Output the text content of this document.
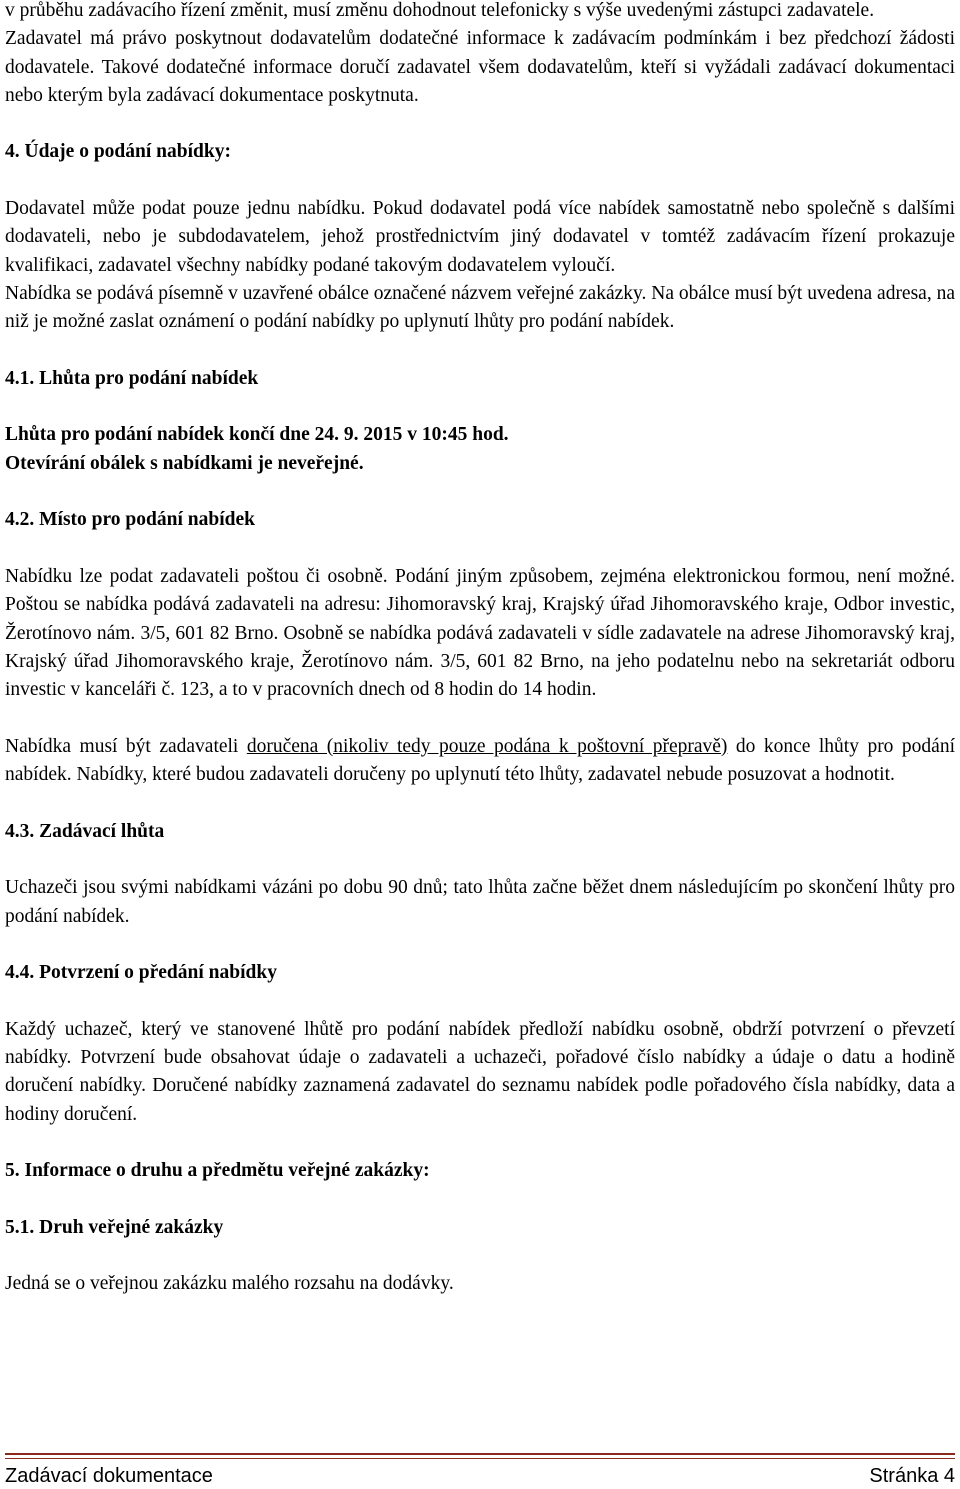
v průběhu zadávacího řízení změnit, musí změnu dohodnout telefonicky s výše uvedenými zástupci zadavatele.

Zadavatel má právo poskytnout dodavatelům dodatečné informace k zadávacím podmínkám i bez předchozí žádosti dodavatele. Takové dodatečné informace doručí zadavatel všem dodavatelům, kteří si vyžádali zadávací dokumentaci nebo kterým byla zadávací dokumentace poskytnuta.

4. Údaje o podání nabídky:

Dodavatel může podat pouze jednu nabídku. Pokud dodavatel podá více nabídek samostatně nebo společně s dalšími dodavateli, nebo je subdodavatelem, jehož prostřednictvím jiný dodavatel v tomtéž zadávacím řízení prokazuje kvalifikaci, zadavatel všechny nabídky podané takovým dodavatelem vyloučí.

Nabídka se podává písemně v uzavřené obálce označené názvem veřejné zakázky. Na obálce musí být uvedena adresa, na niž je možné zaslat oznámení o podání nabídky po uplynutí lhůty pro podání nabídek.

4.1. Lhůta pro podání nabídek

Lhůta pro podání nabídek končí dne 24. 9. 2015 v 10:45 hod.

Otevírání obálek s nabídkami je neveřejné.

4.2. Místo pro podání nabídek

Nabídku lze podat zadavateli poštou či osobně. Podání jiným způsobem, zejména elektronickou formou, není možné. Poštou se nabídka podává zadavateli na adresu: Jihomoravský kraj, Krajský úřad Jihomoravského kraje, Odbor investic, Žerotínovo nám. 3/5, 601 82 Brno. Osobně se nabídka podává zadavateli v sídle zadavatele na adrese Jihomoravský kraj, Krajský úřad Jihomoravského kraje, Žerotínovo nám. 3/5, 601 82 Brno, na jeho podatelnu nebo na sekretariát odboru investic v kanceláři č. 123, a to v pracovních dnech od 8 hodin do 14 hodin.

Nabídka musí být zadavateli doručena (nikoliv tedy pouze podána k poštovní přepravě) do konce lhůty pro podání nabídek. Nabídky, které budou zadavateli doručeny po uplynutí této lhůty, zadavatel nebude posuzovat a hodnotit.

4.3. Zadávací lhůta

Uchazeči jsou svými nabídkami vázáni po dobu 90 dnů; tato lhůta začne běžet dnem následujícím po skončení lhůty pro podání nabídek.

4.4. Potvrzení o předání nabídky

Každý uchazeč, který ve stanovené lhůtě pro podání nabídek předloží nabídku osobně, obdrží potvrzení o převzetí nabídky. Potvrzení bude obsahovat údaje o zadavateli a uchazeči, pořadové číslo nabídky a údaje o datu a hodině doručení nabídky. Doručené nabídky zaznamená zadavatel do seznamu nabídek podle pořadového čísla nabídky, data a hodiny doručení.

5. Informace o druhu a předmětu veřejné zakázky:

5.1. Druh veřejné zakázky

Jedná se o veřejnou zakázku malého rozsahu na dodávky.

Zadávací dokumentace	Stránka 4
